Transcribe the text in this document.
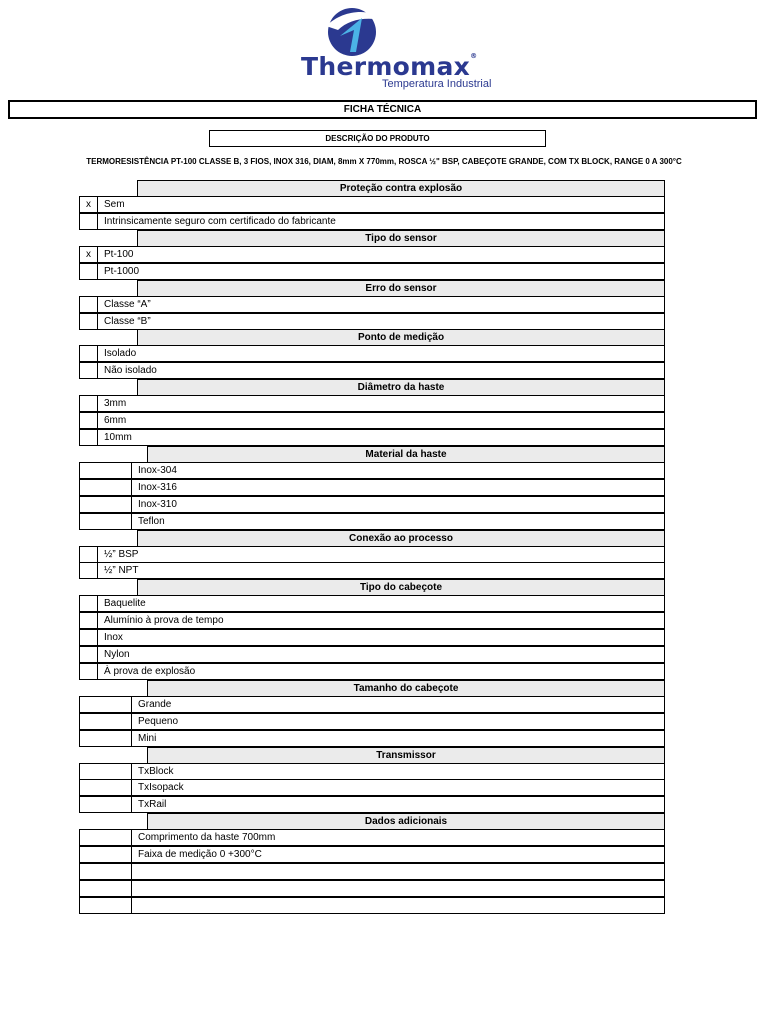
Thermomax®
Temperatura Industrial
FICHA TÉCNICA
DESCRIÇÃO DO PRODUTO
TERMORESISTÊNCIA PT-100 CLASSE B, 3 FIOS, INOX 316, DIAM, 8mm X 770mm, ROSCA ½" BSP, CABEÇOTE GRANDE, COM TX BLOCK, RANGE 0 A 300°C
Proteção contra explosão
x	Sem
Intrinsicamente seguro com certificado do fabricante
Tipo do sensor
x	Pt-100
Pt-1000
Erro do sensor
Classe “A”
Classe “B”
Ponto de medição
Isolado
Não isolado
Diâmetro da haste
3mm
6mm
10mm
Material da haste
Inox-304
Inox-316
Inox-310
Teflon
Conexão ao processo
½” BSP
½” NPT
Tipo do cabeçote
Baquelite
Alumínio à prova de tempo
Inox
Nylon
À prova de explosão
Tamanho do cabeçote
Grande
Pequeno
Mini
Transmissor
TxBlock
TxIsopack
TxRail
Dados adicionais
Comprimento da haste 700mm
Faixa de medição 0 +300°C
